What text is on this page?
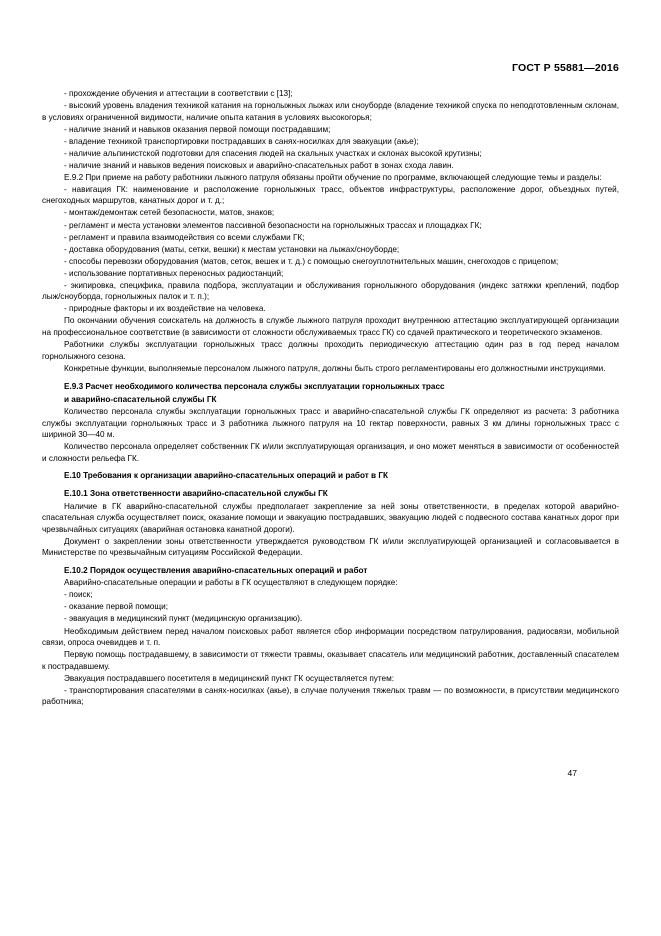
ГОСТ Р 55881—2016

- прохождение обучения и аттестации в соответствии с [13];

- высокий уровень владения техникой катания на горнолыжных лыжах или сноуборде (владение техникой спуска по неподготовленным склонам, в условиях ограниченной видимости, наличие опыта катания в условиях высокогорья;

- наличие знаний и навыков оказания первой помощи пострадавшим;

- владение техникой транспортировки пострадавших в санях-носилках для эвакуации (акье);

- наличие альпинистской подготовки для спасения людей на скальных участках и склонах высокой крутизны;

- наличие знаний и навыков ведения поисковых и аварийно-спасательных работ в зонах схода лавин.

Е.9.2 При приеме на работу работники лыжного патруля обязаны пройти обучение по программе, включающей следующие темы и разделы:

- навигация ГК: наименование и расположение горнолыжных трасс, объектов инфраструктуры, расположение дорог, объездных путей, снегоходных маршрутов, канатных дорог и т. д.;

- монтаж/демонтаж сетей безопасности, матов, знаков;

- регламент и места установки элементов пассивной безопасности на горнолыжных трассах и площадках ГК;

- регламент и правила взаимодействия со всеми службами ГК;

- доставка оборудования (маты, сетки, вешки) к местам установки на лыжах/сноуборде;

- способы перевозки оборудования (матов, сеток, вешек и т. д.) с помощью снегоуплотнительных машин, снегоходов с прицепом;

- использование портативных переносных радиостанций;

- экипировка, специфика, правила подбора, эксплуатации и обслуживания горнолыжного оборудования (индекс затяжки креплений, подбор лыж/сноуборда, горнолыжных палок и т. п.);

- природные факторы и их воздействие на человека.

По окончании обучения соискатель на должность в службе лыжного патруля проходит внутреннюю аттестацию эксплуатирующей организации на профессиональное соответствие (в зависимости от сложности обслуживаемых трасс ГК) со сдачей практического и теоретического экзаменов.

Работники службы эксплуатации горнолыжных трасс должны проходить периодическую аттестацию один раз в год перед началом горнолыжного сезона.

Конкретные функции, выполняемые персоналом лыжного патруля, должны быть строго регламентированы его должностными инструкциями.

Е.9.3 Расчет необходимого количества персонала службы эксплуатации горнолыжных трасс

и аварийно-спасательной службы ГК

Количество персонала службы эксплуатации горнолыжных трасс и аварийно-спасательной службы ГК определяют из расчета: 3 работника службы эксплуатации горнолыжных трасс и 3 работника лыжного патруля на 10 гектар поверхности, равных 3 км длины горнолыжных трасс с шириной 30—40 м.

Количество персонала определяет собственник ГК и/или эксплуатирующая организация, и оно может меняться в зависимости от особенностей и сложности рельефа ГК.

Е.10 Требования к организации аварийно-спасательных операций и работ в ГК

Е.10.1 Зона ответственности аварийно-спасательной службы ГК

Наличие в ГК аварийно-спасательной службы предполагает закрепление за ней зоны ответственности, в пределах которой аварийно-спасательная служба осуществляет поиск, оказание помощи и эвакуацию пострадавших, эвакуацию людей с подвесного состава канатных дорог при чрезвычайных ситуациях (аварийная остановка канатной дороги).

Документ о закреплении зоны ответственности утверждается руководством ГК и/или эксплуатирующей организацией и согласовывается в Министерстве по чрезвычайным ситуациям Российской Федерации.

Е.10.2 Порядок осуществления аварийно-спасательных операций и работ

Аварийно-спасательные операции и работы в ГК осуществляют в следующем порядке:

- поиск;

- оказание первой помощи;

- эвакуация в медицинский пункт (медицинскую организацию).

Необходимым действием перед началом поисковых работ является сбор информации посредством патрулирования, радиосвязи, мобильной связи, опроса очевидцев и т. п.

Первую помощь пострадавшему, в зависимости от тяжести травмы, оказывает спасатель или медицинский работник, доставленный спасателем к пострадавшему.

Эвакуация пострадавшего посетителя в медицинский пункт ГК осуществляется путем:

- транспортирования спасателями в санях-носилках (акье), в случае получения тяжелых травм — по возможности, в присутствии медицинского работника;

47
